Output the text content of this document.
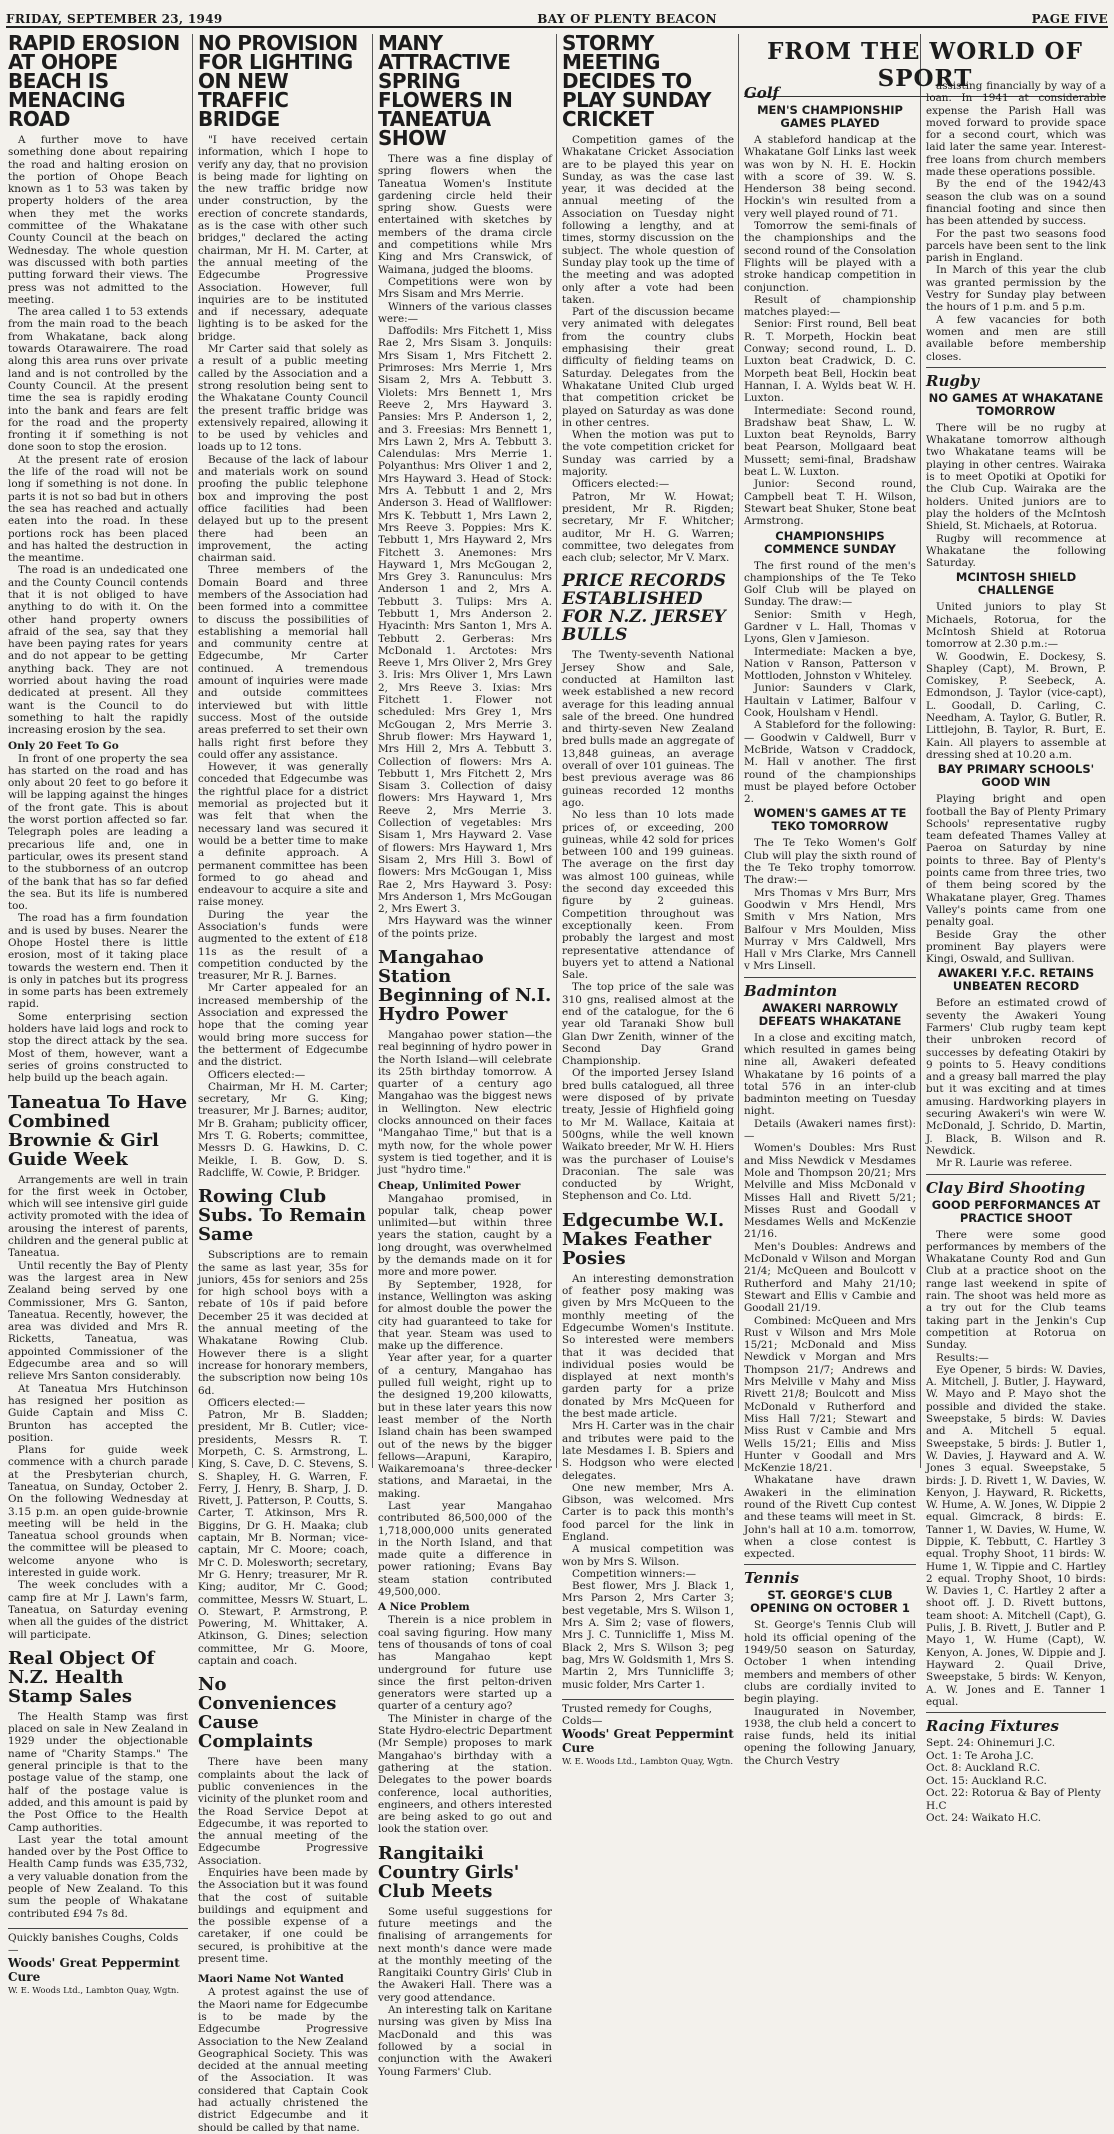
FRIDAY, SEPTEMBER 23, 1949	BAY OF PLENTY BEACON	PAGE FIVE
RAPID EROSION AT OHOPE BEACH IS MENACING ROAD

A further move to have something done about repairing the road and halting erosion on the portion of Ohope Beach known as 1 to 53 was taken by property holders of the area when they met the works committee of the Whakatane County Council at the beach on Wednesday. The whole question was discussed with both parties putting forward their views. The press was not admitted to the meeting.

The area called 1 to 53 extends from the main road to the beach from Whakatane, back along towards Otarawairere. The road along this area runs over private land and is not controlled by the County Council. At the present time the sea is rapidly eroding into the bank and fears are felt for the road and the property fronting it if something is not done soon to stop the erosion.

At the present rate of erosion the life of the road will not be long if something is not done. In parts it is not so bad but in others the sea has reached and actually eaten into the road. In these portions rock has been placed and has halted the destruction in the meantime.

The road is an undedicated one and the County Council contends that it is not obliged to have anything to do with it. On the other hand property owners afraid of the sea, say that they have been paying rates for years and do not appear to be getting anything back. They are not worried about having the road dedicated at present. All they want is the Council to do something to halt the rapidly increasing erosion by the sea.

Only 20 Feet To Go

In front of one property the sea has started on the road and has only about 20 feet to go before it will be lapping against the hinges of the front gate. This is about the worst portion affected so far. Telegraph poles are leading a precarious life and, one in particular, owes its present stand to the stubborness of an outcrop of the bank that has so far defied the sea. But its life is numbered too.

The road has a firm foundation and is used by buses. Nearer the Ohope Hostel there is little erosion, most of it taking place towards the western end. Then it is only in patches but its progress in some parts has been extremely rapid.

Some enterprising section holders have laid logs and rock to stop the direct attack by the sea. Most of them, however, want a series of groins constructed to help build up the beach again.

Taneatua To Have Combined Brownie & Girl Guide Week

Arrangements are well in train for the first week in October, which will see intensive girl guide activity promoted with the idea of arousing the interest of parents, children and the general public at Taneatua.

Until recently the Bay of Plenty was the largest area in New Zealand being served by one Commissioner, Mrs G. Santon, Taneatua. Recently, however, the area was divided and Mrs R. Ricketts, Taneatua, was appointed Commissioner of the Edgecumbe area and so will relieve Mrs Santon considerably.

At Taneatua Mrs Hutchinson has resigned her position as Guide Captain and Miss C. Brunton has accepted the position.

Plans for guide week commence with a church parade at the Presbyterian church, Taneatua, on Sunday, October 2. On the following Wednesday at 3.15 p.m. an open guide-brownie meeting will be held in the Taneatua school grounds when the committee will be pleased to welcome anyone who is interested in guide work.

The week concludes with a camp fire at Mr J. Lawn's farm, Taneatua, on Saturday evening when all the guides of the district will participate.

Real Object Of N.Z. Health Stamp Sales

The Health Stamp was first placed on sale in New Zealand in 1929 under the objectionable name of "Charity Stamps." The general principle is that to the postage value of the stamp, one half of the postage value is added, and this amount is paid by the Post Office to the Health Camp authorities.

Last year the total amount handed over by the Post Office to Health Camp funds was £35,732, a very valuable donation from the people of New Zealand. To this sum the people of Whakatane contributed £94 7s 8d.

Quickly banishes Coughs, Colds—
Woods' Great Peppermint Cure
W. E. Woods Ltd., Lambton Quay, Wgtn.
NO PROVISION FOR LIGHTING ON NEW TRAFFIC BRIDGE

"I have received certain information, which I hope to verify any day, that no provision is being made for lighting on the new traffic bridge now under construction, by the erection of concrete standards, as is the case with other such bridges," declared the acting chairman, Mr H. M. Carter, at the annual meeting of the Edgecumbe Progressive Association. However, full inquiries are to be instituted and if necessary, adequate lighting is to be asked for the bridge.

Mr Carter said that solely as a result of a public meeting called by the Association and a strong resolution being sent to the Whakatane County Council the present traffic bridge was extensively repaired, allowing it to be used by vehicles and loads up to 12 tons.

Because of the lack of labour and materials work on sound proofing the public telephone box and improving the post office facilities had been delayed but up to the present there had been an improvement, the acting chairman said.

Three members of the Domain Board and three members of the Association had been formed into a committee to discuss the possibilities of establishing a memorial hall and community centre at Edgecumbe, Mr Carter continued. A tremendous amount of inquiries were made and outside committees interviewed but with little success. Most of the outside areas preferred to set their own halls right first before they could offer any assistance.

However, it was generally conceded that Edgecumbe was the rightful place for a district memorial as projected but it was felt that when the necessary land was secured it would be a better time to make a definite approach. A permanent committee has been formed to go ahead and endeavour to acquire a site and raise money.

During the year the Association's funds were augmented to the extent of £18 11s as the result of a competition conducted by the treasurer, Mr R. J. Barnes.

Mr Carter appealed for an increased membership of the Association and expressed the hope that the coming year would bring more success for the betterment of Edgecumbe and the district.

Officers elected:—

Chairman, Mr H. M. Carter; secretary, Mr G. King; treasurer, Mr J. Barnes; auditor, Mr B. Graham; publicity officer, Mrs T. G. Roberts; committee, Messrs D. G. Hawkins, D. C. Meikle, I. B. Gow, D. S. Radcliffe, W. Cowie, P. Bridger.

Rowing Club Subs. To Remain Same

Subscriptions are to remain the same as last year, 35s for juniors, 45s for seniors and 25s for high school boys with a rebate of 10s if paid before December 25 it was decided at the annual meeting of the Whakatane Rowing Club. However there is a slight increase for honorary members, the subscription now being 10s 6d.

Officers elected:—

Patron, Mr B. Sladden; president, Mr B. Cutler; vice-presidents, Messrs R. T. Morpeth, C. S. Armstrong, L. King, S. Cave, D. C. Stevens, S. S. Shapley, H. G. Warren, F. Ferry, J. Henry, B. Sharp, J. D. Rivett, J. Patterson, P. Coutts, S. Carter, T. Atkinson, Mrs R. Biggins, Dr G. H. Maaka; club captain, Mr B. Norman; vice-captain, Mr C. Moore; coach, Mr C. D. Molesworth; secretary, Mr G. Henry; treasurer, Mr R. King; auditor, Mr C. Good; committee, Messrs W. Stuart, L. O. Stewart, P. Armstrong, P. Powering, M. Whittaker, A. Atkinson, G. Dines; selection committee, Mr G. Moore, captain and coach.

No Conveniences Cause Complaints

There have been many complaints about the lack of public conveniences in the vicinity of the plunket room and the Road Service Depot at Edgecumbe, it was reported to the annual meeting of the Edgecumbe Progressive Association.

Enquiries have been made by the Association but it was found that the cost of suitable buildings and equipment and the possible expense of a caretaker, if one could be secured, is prohibitive at the present time.

Maori Name Not Wanted

A protest against the use of the Maori name for Edgecumbe is to be made by the Edgecumbe Progressive Association to the New Zealand Geographical Society. This was decided at the annual meeting of the Association. It was considered that Captain Cook had actually christened the district Edgecumbe and it should be called by that name.

MANY ATTRACTIVE SPRING FLOWERS IN TANEATUA SHOW

There was a fine display of spring flowers when the Taneatua Women's Institute gardening circle held their spring show. Guests were entertained with sketches by members of the drama circle and competitions while Mrs King and Mrs Cranswick, of Waimana, judged the blooms.

Competitions were won by Mrs Sisam and Mrs Merrie.

Winners of the various classes were:—

Daffodils: Mrs Fitchett 1, Miss Rae 2, Mrs Sisam 3. Jonquils: Mrs Sisam 1, Mrs Fitchett 2. Primroses: Mrs Merrie 1, Mrs Sisam 2, Mrs A. Tebbutt 3. Violets: Mrs Bennett 1, Mrs Reeve 2, Mrs Hayward 3. Pansies: Mrs P. Anderson 1, 2, and 3. Freesias: Mrs Bennett 1, Mrs Lawn 2, Mrs A. Tebbutt 3. Calendulas: Mrs Merrie 1. Polyanthus: Mrs Oliver 1 and 2, Mrs Hayward 3. Head of Stock: Mrs A. Tebbutt 1 and 2, Mrs Anderson 3. Head of Wallflower: Mrs K. Tebbutt 1, Mrs Lawn 2, Mrs Reeve 3. Poppies: Mrs K. Tebbutt 1, Mrs Hayward 2, Mrs Fitchett 3. Anemones: Mrs Hayward 1, Mrs McGougan 2, Mrs Grey 3. Ranunculus: Mrs Anderson 1 and 2, Mrs A. Tebbutt 3. Tulips: Mrs A. Tebbutt 1, Mrs Anderson 2. Hyacinth: Mrs Santon 1, Mrs A. Tebbutt 2. Gerberas: Mrs McDonald 1. Arctotes: Mrs Reeve 1, Mrs Oliver 2, Mrs Grey 3. Iris: Mrs Oliver 1, Mrs Lawn 2, Mrs Reeve 3. Ixias: Mrs Fitchett 1. Flower not scheduled: Mrs Grey 1, Mrs McGougan 2, Mrs Merrie 3. Shrub flower: Mrs Hayward 1, Mrs Hill 2, Mrs A. Tebbutt 3. Collection of flowers: Mrs A. Tebbutt 1, Mrs Fitchett 2, Mrs Sisam 3. Collection of daisy flowers: Mrs Hayward 1, Mrs Reeve 2, Mrs Merrie 3. Collection of vegetables: Mrs Sisam 1, Mrs Hayward 2. Vase of flowers: Mrs Hayward 1, Mrs Sisam 2, Mrs Hill 3. Bowl of flowers: Mrs McGougan 1, Miss Rae 2, Mrs Hayward 3. Posy: Mrs Anderson 1, Mrs McGougan 2, Mrs Ewert 3.

Mrs Hayward was the winner of the points prize.

Mangahao Station Beginning of N.I. Hydro Power

Mangahao power station—the real beginning of hydro power in the North Island—will celebrate its 25th birthday tomorrow. A quarter of a century ago Mangahao was the biggest news in Wellington. New electric clocks announced on their faces "Mangahao Time," but that is a myth now, for the whole power system is tied together, and it is just "hydro time."

Cheap, Unlimited Power

Mangahao promised, in popular talk, cheap power unlimited—but within three years the station, caught by a long drought, was overwhelmed by the demands made on it for more and more power.

By September, 1928, for instance, Wellington was asking for almost double the power the city had guaranteed to take for that year. Steam was used to make up the difference.

Year after year, for a quarter of a century, Mangahao has pulled full weight, right up to the designed 19,200 kilowatts, but in these later years this now least member of the North Island chain has been swamped out of the news by the bigger fellows—Arapuni, Karapiro, Waikaremoana's three-decker stations, and Maraetai, in the making.

Last year Mangahao contributed 86,500,000 of the 1,718,000,000 units generated in the North Island, and that made quite a difference in power rationing; Evans Bay steam station contributed 49,500,000.

A Nice Problem

Therein is a nice problem in coal saving figuring. How many tens of thousands of tons of coal has Mangahao kept underground for future use since the first pelton-driven generators were started up a quarter of a century ago?

The Minister in charge of the State Hydro-electric Department (Mr Semple) proposes to mark Mangahao's birthday with a gathering at the station. Delegates to the power boards conference, local authorities, engineers, and others interested are being asked to go out and look the station over.

Rangitaiki Country Girls' Club Meets

Some useful suggestions for future meetings and the finalising of arrangements for next month's dance were made at the monthly meeting of the Rangitaiki Country Girls' Club in the Awakeri Hall. There was a very good attendance.

An interesting talk on Karitane nursing was given by Miss Ina MacDonald and this was followed by a social in conjunction with the Awakeri Young Farmers' Club.

STORMY MEETING DECIDES TO PLAY SUNDAY CRICKET

Competition games of the Whakatane Cricket Association are to be played this year on Sunday, as was the case last year, it was decided at the annual meeting of the Association on Tuesday night following a lengthy, and at times, stormy discussion on the subject. The whole question of Sunday play took up the time of the meeting and was adopted only after a vote had been taken.

Part of the discussion became very animated with delegates from the country clubs emphasising their great difficulty of fielding teams on Saturday. Delegates from the Whakatane United Club urged that competition cricket be played on Saturday as was done in other centres.

When the motion was put to the vote competition cricket for Sunday was carried by a majority.

Officers elected:—

Patron, Mr W. Howat; president, Mr R. Rigden; secretary, Mr F. Whitcher; auditor, Mr H. G. Warren; committee, two delegates from each club; selector, Mr V. Marx.

PRICE RECORDS ESTABLISHED FOR N.Z. JERSEY BULLS

The Twenty-seventh National Jersey Show and Sale, conducted at Hamilton last week established a new record average for this leading annual sale of the breed. One hundred and thirty-seven New Zealand bred bulls made an aggregate of 13,848 guineas, an average overall of over 101 guineas. The best previous average was 86 guineas recorded 12 months ago.

No less than 10 lots made prices of, or exceeding, 200 guineas, while 42 sold for prices between 100 and 199 guineas. The average on the first day was almost 100 guineas, while the second day exceeded this figure by 2 guineas. Competition throughout was exceptionally keen. From probably the largest and most representative attendance of buyers yet to attend a National Sale.

The top price of the sale was 310 gns, realised almost at the end of the catalogue, for the 6 year old Taranaki Show bull Glan Dwr Zenith, winner of the Second Day Grand Championship.

Of the imported Jersey Island bred bulls catalogued, all three were disposed of by private treaty, Jessie of Highfield going to Mr M. Wallace, Kaitaia at 500gns, while the well known Waikato breeder, Mr W. H. Hiers was the purchaser of Louise's Draconian. The sale was conducted by Wright, Stephenson and Co. Ltd.

Edgecumbe W.I. Makes Feather Posies

An interesting demonstration of feather posy making was given by Mrs McQueen to the monthly meeting of the Edgecumbe Women's Institute. So interested were members that it was decided that individual posies would be displayed at next month's garden party for a prize donated by Mrs McQueen for the best made article.

Mrs H. Carter was in the chair and tributes were paid to the late Mesdames I. B. Spiers and S. Hodgson who were elected delegates.

One new member, Mrs A. Gibson, was welcomed. Mrs Carter is to pack this month's food parcel for the link in England.

A musical competition was won by Mrs S. Wilson.

Competition winners:—

Best flower, Mrs J. Black 1, Mrs Parson 2, Mrs Carter 3; best vegetable, Mrs S. Wilson 1, Mrs A. Sim 2; vase of flowers, Mrs J. C. Tunnicliffe 1, Miss M. Black 2, Mrs S. Wilson 3; peg bag, Mrs W. Goldsmith 1, Mrs S. Martin 2, Mrs Tunnicliffe 3; music folder, Mrs Carter 1.

Trusted remedy for Coughs, Colds—
Woods' Great Peppermint Cure
W. E. Woods Ltd., Lambton Quay, Wgtn.
FROM THE WORLD OF SPORT
Golf
MEN'S CHAMPIONSHIP GAMES PLAYED

A stableford handicap at the Whakatane Golf Links last week was won by N. H. E. Hockin with a score of 39. W. S. Henderson 38 being second. Hockin's win resulted from a very well played round of 71.

Tomorrow the semi-finals of the championships and the second round of the Consolation Flights will be played with a stroke handicap competition in conjunction.

Result of championship matches played:—

Senior: First round, Bell beat R. T. Morpeth, Hockin beat Conway; second round, L. D. Luxton beat Cradwick, D. C. Morpeth beat Bell, Hockin beat Hannan, I. A. Wylds beat W. H. Luxton.

Intermediate: Second round, Bradshaw beat Shaw, L. W. Luxton beat Reynolds, Barry beat Pearson, Mollgaard beat Mussett; semi-final, Bradshaw beat L. W. Luxton.

Junior: Second round, Campbell beat T. H. Wilson, Stewart beat Shuker, Stone beat Armstrong.

CHAMPIONSHIPS COMMENCE SUNDAY

The first round of the men's championships of the Te Teko Golf Club will be played on Sunday. The draw:—

Senior: Smith v Hegh, Gardner v L. Hall, Thomas v Lyons, Glen v Jamieson.

Intermediate: Macken a bye, Nation v Ranson, Patterson v Mottloden, Johnston v Whiteley.

Junior: Saunders v Clark, Haultain v Latimer, Balfour v Cook, Houlsham v Hendl.

A Stableford for the following:— Goodwin v Caldwell, Burr v McBride, Watson v Craddock, M. Hall v another. The first round of the championships must be played before October 2.

WOMEN'S GAMES AT TE TEKO TOMORROW

The Te Teko Women's Golf Club will play the sixth round of the Te Teko trophy tomorrow. The draw:—

Mrs Thomas v Mrs Burr, Mrs Goodwin v Mrs Hendl, Mrs Smith v Mrs Nation, Mrs Balfour v Mrs Moulden, Miss Murray v Mrs Caldwell, Mrs Hall v Mrs Clarke, Mrs Cannell v Mrs Linsell.

Badminton
AWAKERI NARROWLY DEFEATS WHAKATANE

In a close and exciting match, which resulted in games being nine all, Awakeri defeated Whakatane by 16 points of a total 576 in an inter-club badminton meeting on Tuesday night.

Details (Awakeri names first):—

Women's Doubles: Mrs Rust and Miss Newdick v Mesdames Mole and Thompson 20/21; Mrs Melville and Miss McDonald v Misses Hall and Rivett 5/21; Misses Rust and Goodall v Mesdames Wells and McKenzie 21/16.

Men's Doubles: Andrews and McDonald v Wilson and Morgan 21/4; McQueen and Boulcott v Rutherford and Mahy 21/10; Stewart and Ellis v Cambie and Goodall 21/19.

Combined: McQueen and Mrs Rust v Wilson and Mrs Mole 15/21; McDonald and Miss Newdick v Morgan and Mrs Thompson 21/7; Andrews and Mrs Melville v Mahy and Miss Rivett 21/8; Boulcott and Miss McDonald v Rutherford and Miss Hall 7/21; Stewart and Miss Rust v Cambie and Mrs Wells 15/21; Ellis and Miss Hunter v Goodall and Mrs McKenzie 18/21.

Whakatane have drawn Awakeri in the elimination round of the Rivett Cup contest and these teams will meet in St. John's hall at 10 a.m. tomorrow, when a close contest is expected.

Tennis
ST. GEORGE'S CLUB OPENING ON OCTOBER 1

St. George's Tennis Club will hold its official opening of the 1949/50 season on Saturday, October 1 when intending members and members of other clubs are cordially invited to begin playing.

Inaugurated in November, 1938, the club held a concert to raise funds, held its initial opening the following January, the Church Vestry

assisting financially by way of a loan. In 1941 at considerable expense the Parish Hall was moved forward to provide space for a second court, which was laid later the same year. Interest-free loans from church members made these operations possible.

By the end of the 1942/43 season the club was on a sound financial footing and since then has been attended by success.

For the past two seasons food parcels have been sent to the link parish in England.

In March of this year the club was granted permission by the Vestry for Sunday play between the hours of 1 p.m. and 5 p.m.

A few vacancies for both women and men are still available before membership closes.

Rugby
NO GAMES AT WHAKATANE TOMORROW

There will be no rugby at Whakatane tomorrow although two Whakatane teams will be playing in other centres. Wairaka is to meet Opotiki at Opotiki for the Club Cup. Wairaka are the holders. United juniors are to play the holders of the McIntosh Shield, St. Michaels, at Rotorua.

Rugby will recommence at Whakatane the following Saturday.

MCINTOSH SHIELD CHALLENGE

United juniors to play St Michaels, Rotorua, for the McIntosh Shield at Rotorua tomorrow at 2.30 p.m.:—

W. Goodwin, E. Dockesy, S. Shapley (Capt), M. Brown, P. Comiskey, P. Seebeck, A. Edmondson, J. Taylor (vice-capt), L. Goodall, D. Carling, C. Needham, A. Taylor, G. Butler, R. Littlejohn, B. Taylor, R. Burt, E. Kain. All players to assemble at dressing shed at 10.20 a.m.

BAY PRIMARY SCHOOLS' GOOD WIN

Playing bright and open football the Bay of Plenty Primary Schools' representative rugby team defeated Thames Valley at Paeroa on Saturday by nine points to three. Bay of Plenty's points came from three tries, two of them being scored by the Whakatane player, Greg. Thames Valley's points came from one penalty goal.

Beside Gray the other prominent Bay players were Kingi, Oswald, and Sullivan.

AWAKERI Y.F.C. RETAINS UNBEATEN RECORD

Before an estimated crowd of seventy the Awakeri Young Farmers' Club rugby team kept their unbroken record of successes by defeating Otakiri by 9 points to 5. Heavy conditions and a greasy ball marred the play but it was exciting and at times amusing. Hardworking players in securing Awakeri's win were W. McDonald, J. Schrido, D. Martin, J. Black, B. Wilson and R. Newdick.

Mr R. Laurie was referee.

Clay Bird Shooting
GOOD PERFORMANCES AT PRACTICE SHOOT

There were some good performances by members of the Whakatane County Rod and Gun Club at a practice shoot on the range last weekend in spite of rain. The shoot was held more as a try out for the Club teams taking part in the Jenkin's Cup competition at Rotorua on Sunday.

Results:—

Eye Opener, 5 birds: W. Davies, A. Mitchell, J. Butler, J. Hayward, W. Mayo and P. Mayo shot the possible and divided the stake. Sweepstake, 5 birds: W. Davies and A. Mitchell 5 equal. Sweepstake, 5 birds: J. Butler 1, W. Davies, J. Hayward and A. W. Jones 3 equal. Sweepstake, 5 birds: J. D. Rivett 1, W. Davies, W. Kenyon, J. Hayward, R. Ricketts, W. Hume, A. W. Jones, W. Dippie 2 equal. Gimcrack, 8 birds: E. Tanner 1, W. Davies, W. Hume, W. Dippie, K. Tebbutt, C. Hartley 3 equal. Trophy Shoot, 11 birds: W. Hume 1, W. Tippie and C. Hartley 2 equal. Trophy Shoot, 10 birds: W. Davies 1, C. Hartley 2 after a shoot off. J. D. Rivett buttons, team shoot: A. Mitchell (Capt), G. Pulis, J. B. Rivett, J. Butler and P. Mayo 1, W. Hume (Capt), W. Kenyon, A. Jones, W. Dippie and J. Hayward 2. Quail Drive, Sweepstake, 5 birds: W. Kenyon, A. W. Jones and E. Tanner 1 equal.

Racing Fixtures
Sept. 24: Ohinemuri J.C.
Oct. 1: Te Aroha J.C.
Oct. 8: Auckland R.C.
Oct. 15: Auckland R.C.
Oct. 22: Rotorua & Bay of Plenty H.C
Oct. 24: Waikato H.C.
